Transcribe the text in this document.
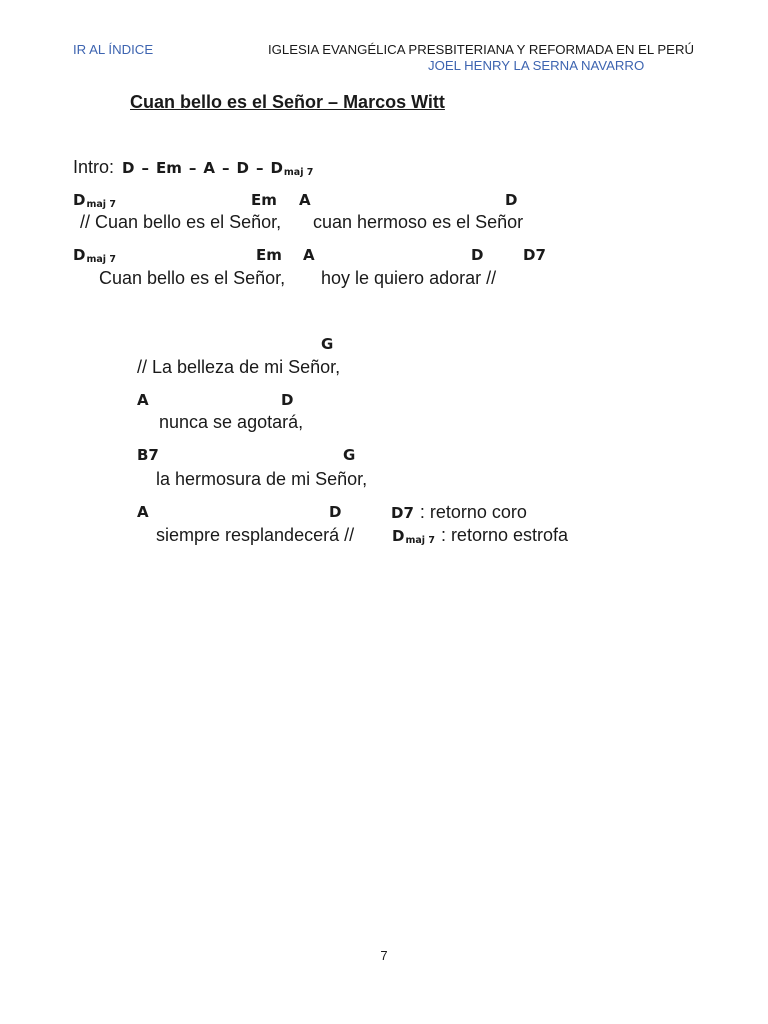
IR AL ÍNDICE	IGLESIA EVANGÉLICA PRESBITERIANA Y REFORMADA EN EL PERÚ
JOEL HENRY LA SERNA NAVARRO
Cuan bello es el Señor – Marcos Witt
Intro: D – Em – A – D – $D_{maj 7}$
$D_{maj 7}$	Em A	D
// Cuan bello es el Señor, cuan hermoso es el Señor
$D_{maj 7}$	Em A	D	D7
Cuan bello es el Señor, hoy le quiero adorar //
G
// La belleza de mi Señor,
A	D
nunca se agotará,
B7	G
la hermosura de mi Señor,
A	D	D7 : retorno coro
siempre resplandecerá //	$D_{maj 7}$ : retorno estrofa
7
